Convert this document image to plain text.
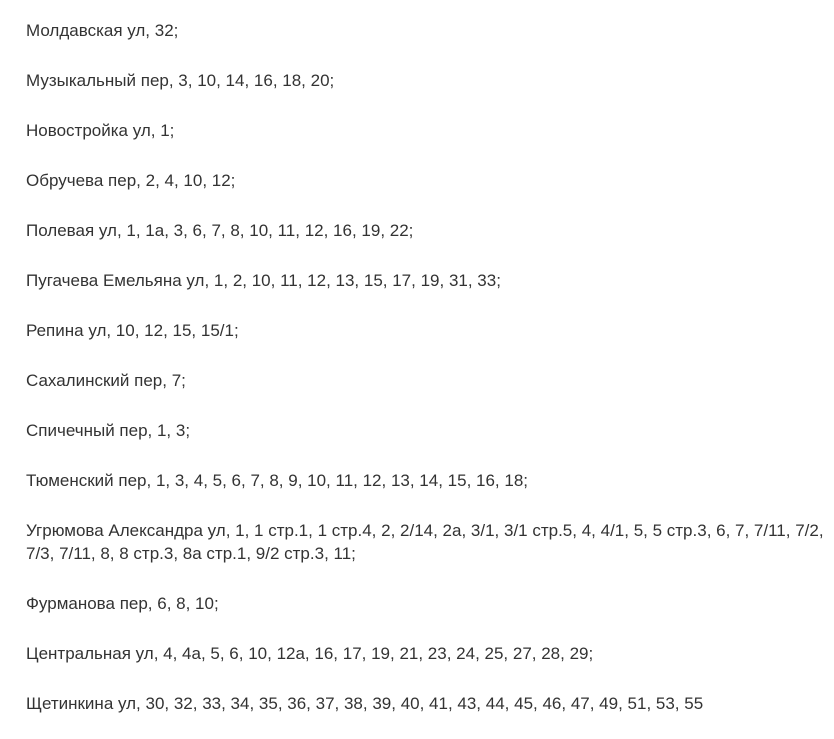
Молдавская ул, 32;

Музыкальный пер, 3, 10, 14, 16, 18, 20;

Новостройка ул, 1;

Обручева пер, 2, 4, 10, 12;

Полевая ул, 1, 1а, 3, 6, 7, 8, 10, 11, 12, 16, 19, 22;

Пугачева Емельяна ул, 1, 2, 10, 11, 12, 13, 15, 17, 19, 31, 33;

Репина ул, 10, 12, 15, 15/1;

Сахалинский пер, 7;

Спичечный пер, 1, 3;

Тюменский пер, 1, 3, 4, 5, 6, 7, 8, 9, 10, 11, 12, 13, 14, 15, 16, 18;

Угрюмова Александра ул, 1, 1 стр.1, 1 стр.4, 2, 2/14, 2а, 3/1, 3/1 стр.5, 4, 4/1, 5, 5 стр.3, 6, 7, 7/11, 7/2, 7/3, 7/11, 8, 8 стр.3, 8а стр.1, 9/2 стр.3, 11;

Фурманова пер, 6, 8, 10;

Центральная ул, 4, 4а, 5, 6, 10, 12а, 16, 17, 19, 21, 23, 24, 25, 27, 28, 29;

Щетинкина ул, 30, 32, 33, 34, 35, 36, 37, 38, 39, 40, 41, 43, 44, 45, 46, 47, 49, 51, 53, 55
